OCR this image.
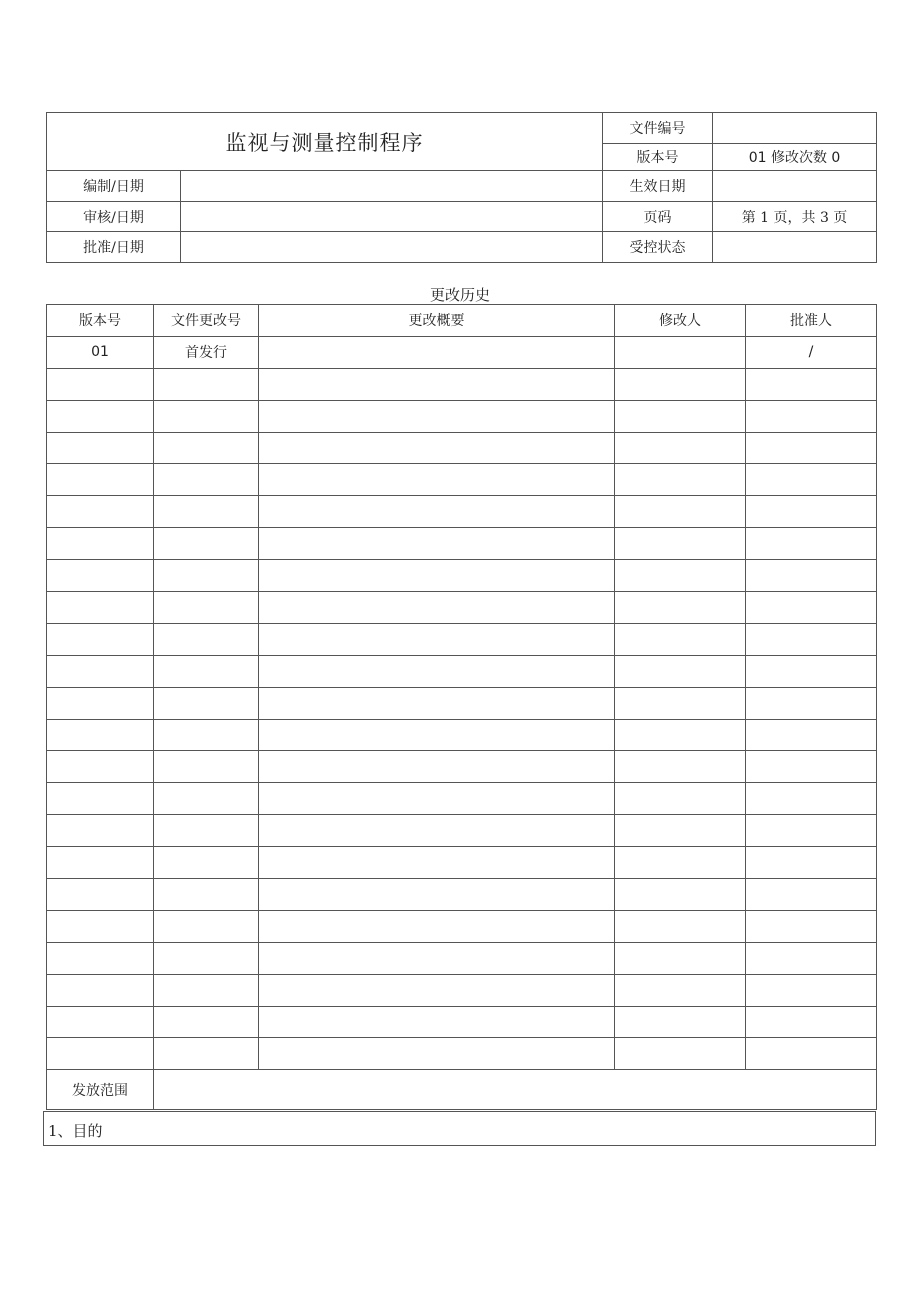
监视与测量控制程序		文件编号	
		版本号	01 修改次数 0
编制/日期		生效日期	
审核/日期		页码	第 1 页，共 3 页
批准/日期		受控状态	
更改历史
版本号	文件更改号	更改概要	修改人	批准人
01	首发行			/

发放范围				
1、目的
